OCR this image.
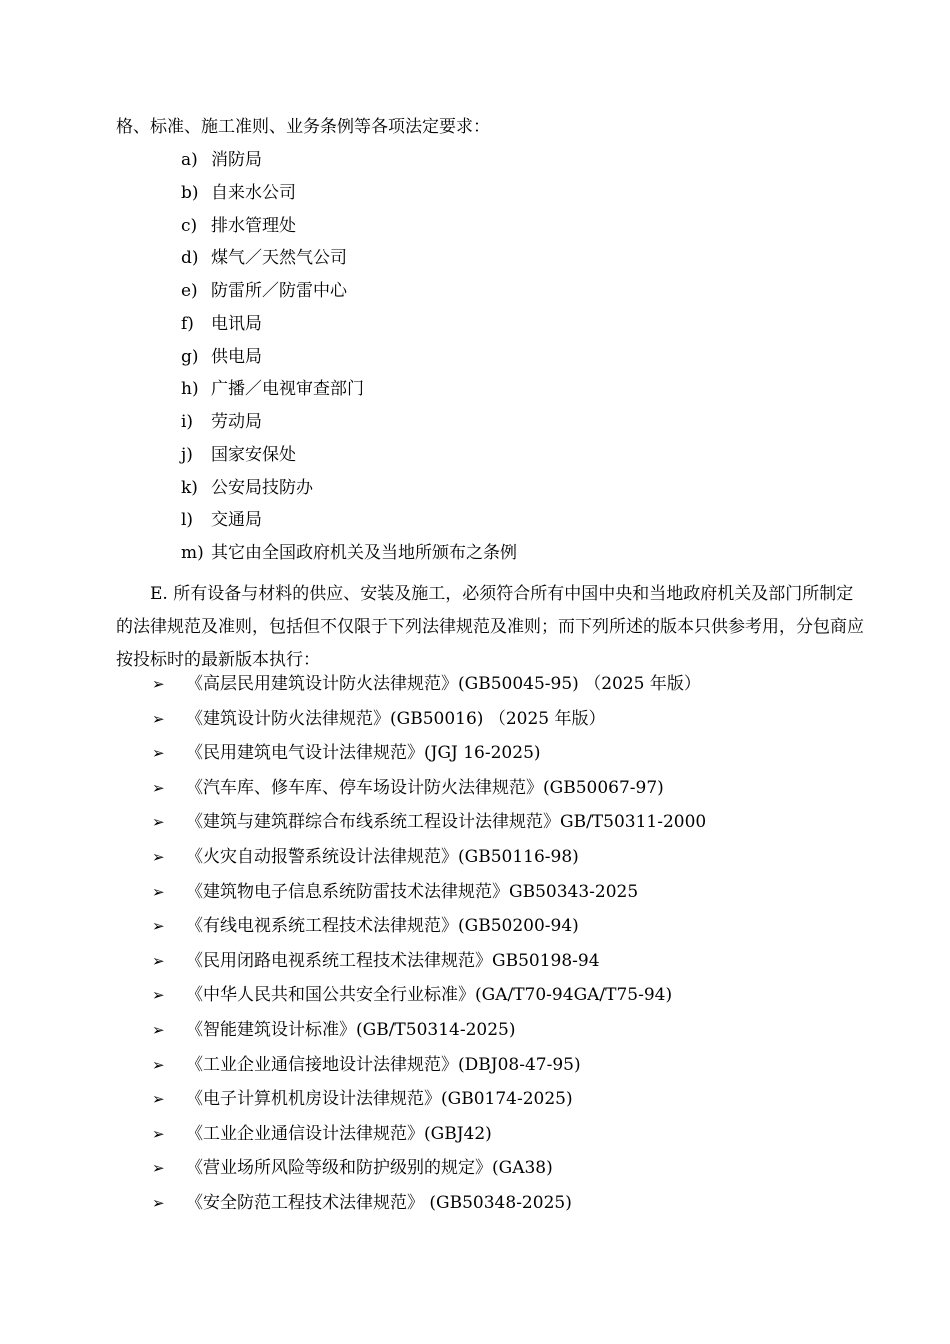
格、标准、施工准则、业务条例等各项法定要求：
a) 消防局
b) 自来水公司
c) 排水管理处
d) 煤气／天然气公司
e) 防雷所／防雷中心
f) 电讯局
g) 供电局
h) 广播／电视审查部门
i) 劳动局
j) 国家安保处
k) 公安局技防办
l) 交通局
m) 其它由全国政府机关及当地所颁布之条例
E. 所有设备与材料的供应、安装及施工，必须符合所有中国中央和当地政府机关及部门所制定的法律规范及准则，包括但不仅限于下列法律规范及准则；而下列所述的版本只供参考用，分包商应按投标时的最新版本执行：
➢ 《高层民用建筑设计防火法律规范》(GB50045-95) （2025 年版）
➢ 《建筑设计防火法律规范》(GB50016) （2025 年版）
➢ 《民用建筑电气设计法律规范》(JGJ 16-2025)
➢ 《汽车库、修车库、停车场设计防火法律规范》(GB50067-97)
➢ 《建筑与建筑群综合布线系统工程设计法律规范》GB/T50311-2000
➢ 《火灾自动报警系统设计法律规范》(GB50116-98)
➢ 《建筑物电子信息系统防雷技术法律规范》GB50343-2025
➢ 《有线电视系统工程技术法律规范》(GB50200-94)
➢ 《民用闭路电视系统工程技术法律规范》GB50198-94
➢ 《中华人民共和国公共安全行业标准》(GA/T70-94GA/T75-94)
➢ 《智能建筑设计标准》(GB/T50314-2025)
➢ 《工业企业通信接地设计法律规范》(DBJ08-47-95)
➢ 《电子计算机机房设计法律规范》(GB0174-2025)
➢ 《工业企业通信设计法律规范》(GBJ42)
➢ 《营业场所风险等级和防护级别的规定》(GA38)
➢ 《安全防范工程技术法律规范》 (GB50348-2025)
